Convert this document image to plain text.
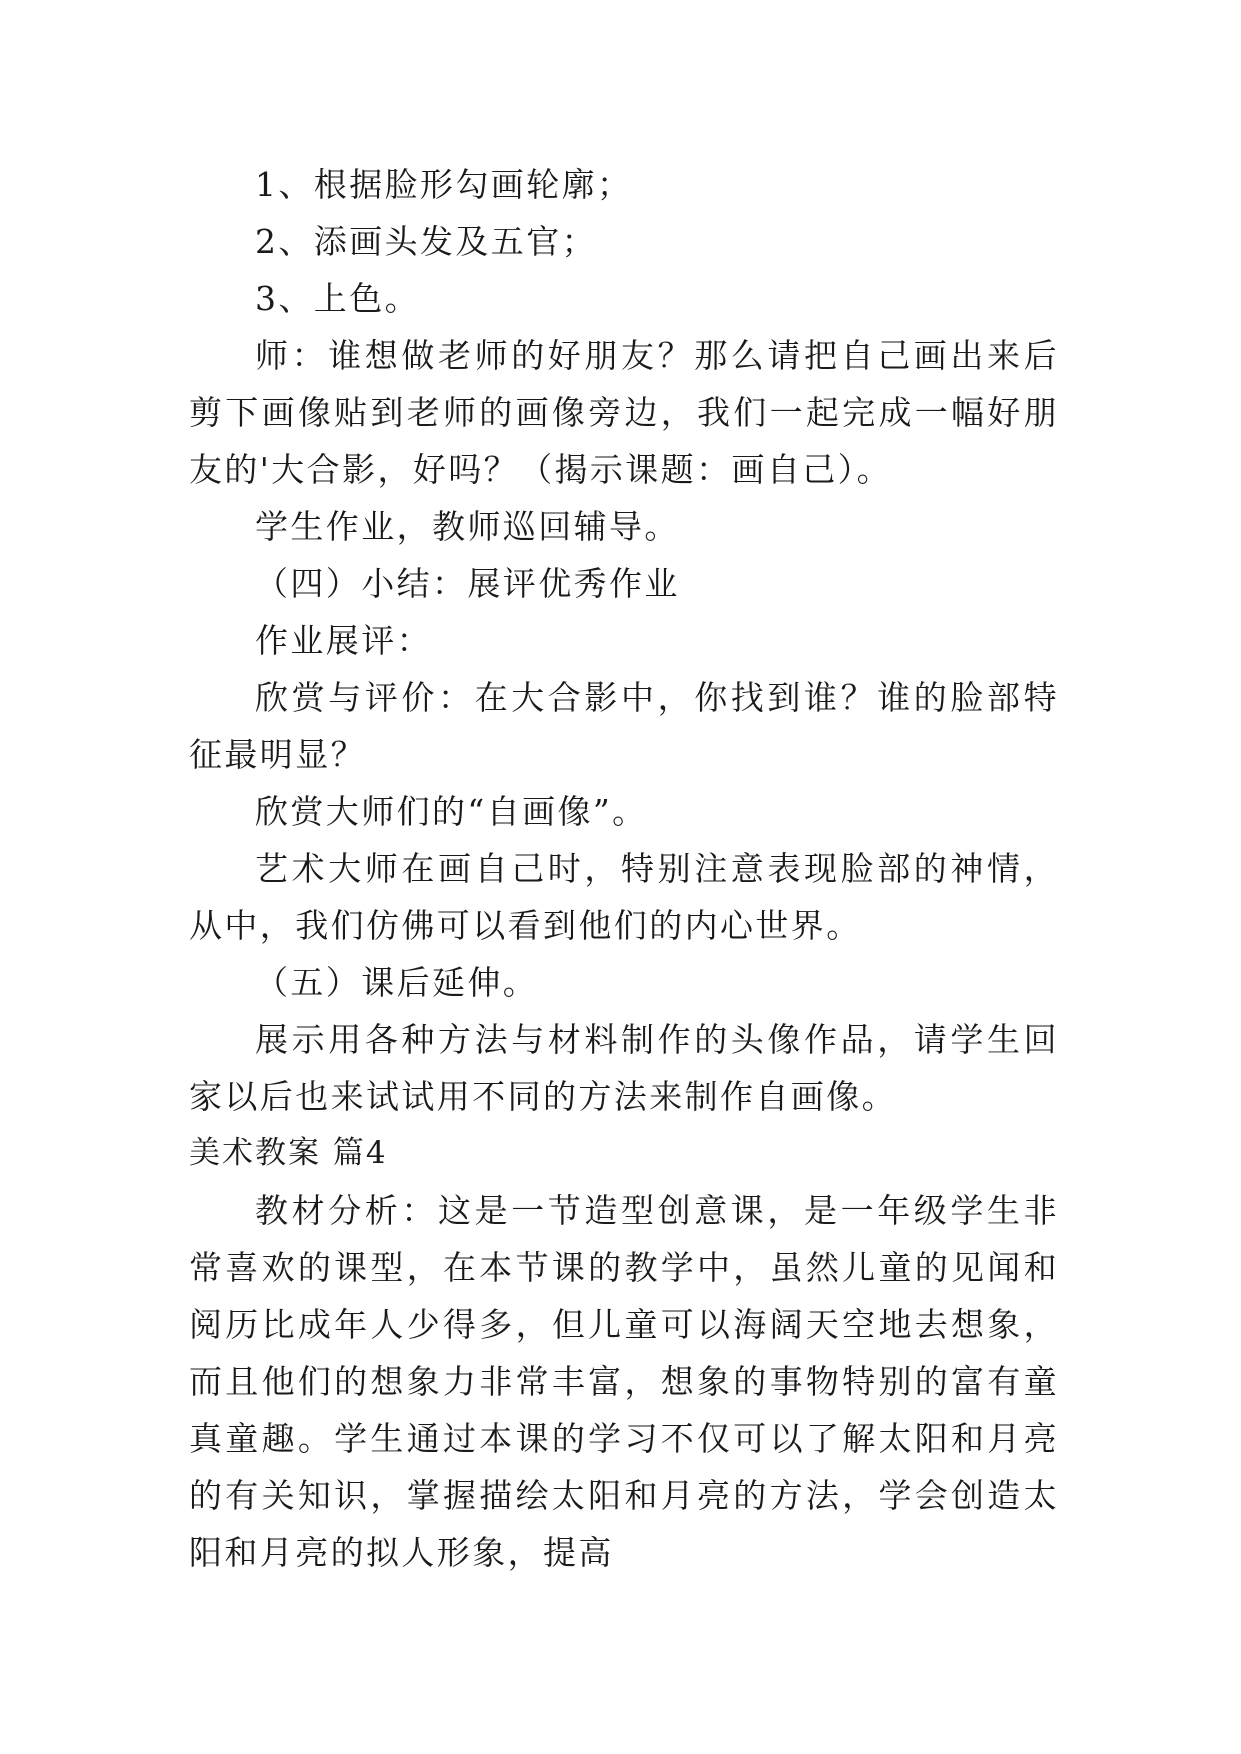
1、根据脸形勾画轮廓；

2、添画头发及五官；

3、上色。

师：谁想做老师的好朋友？那么请把自己画出来后剪下画像贴到老师的画像旁边，我们一起完成一幅好朋友的'大合影，好吗？（揭示课题：画自己）。

学生作业，教师巡回辅导。

（四）小结：展评优秀作业

作业展评：

欣赏与评价：在大合影中，你找到谁？谁的脸部特征最明显？

欣赏大师们的“自画像”。

艺术大师在画自己时，特别注意表现脸部的神情，从中，我们仿佛可以看到他们的内心世界。

（五）课后延伸。

展示用各种方法与材料制作的头像作品，请学生回家以后也来试试用不同的方法来制作自画像。

美术教案 篇4

教材分析：这是一节造型创意课，是一年级学生非常喜欢的课型，在本节课的教学中，虽然儿童的见闻和阅历比成年人少得多，但儿童可以海阔天空地去想象，而且他们的想象力非常丰富，想象的事物特别的富有童真童趣。学生通过本课的学习不仅可以了解太阳和月亮的有关知识，掌握描绘太阳和月亮的方法，学会创造太阳和月亮的拟人形象，提高
